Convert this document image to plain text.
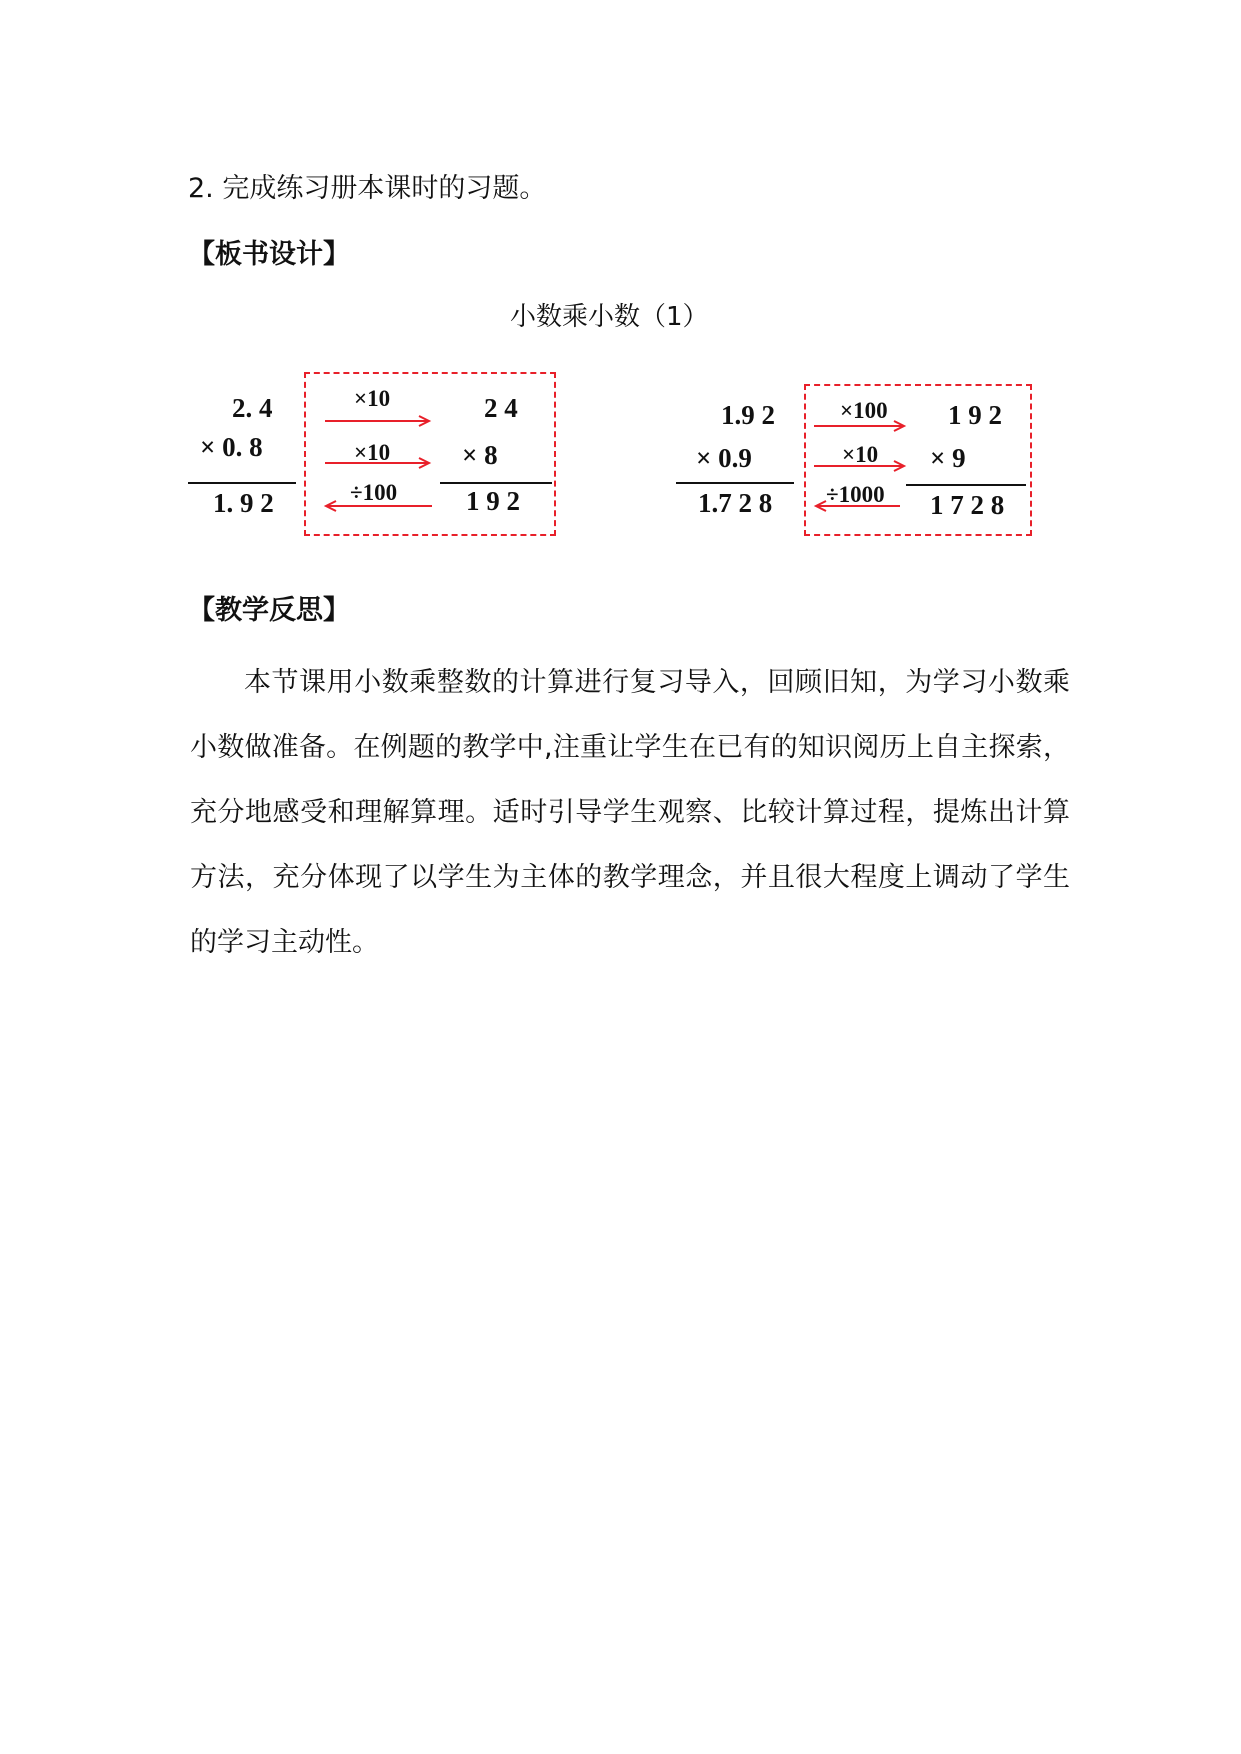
2. 完成练习册本课时的习题。
【板书设计】
小数乘小数（1）
2. 4
× 0. 8
1. 9 2
×10
×10
÷100
2 4
× 8
1 9 2
1.9 2
× 0.9
1.7 2 8
×100
×10
÷1000
1 9 2
× 9
1 7 2 8
【教学反思】
本节课用小数乘整数的计算进行复习导入，回顾旧知，为学习小数乘小数做准备。在例题的教学中,注重让学生在已有的知识阅历上自主探索，充分地感受和理解算理。适时引导学生观察、比较计算过程，提炼出计算方法，充分体现了以学生为主体的教学理念，并且很大程度上调动了学生的学习主动性。
